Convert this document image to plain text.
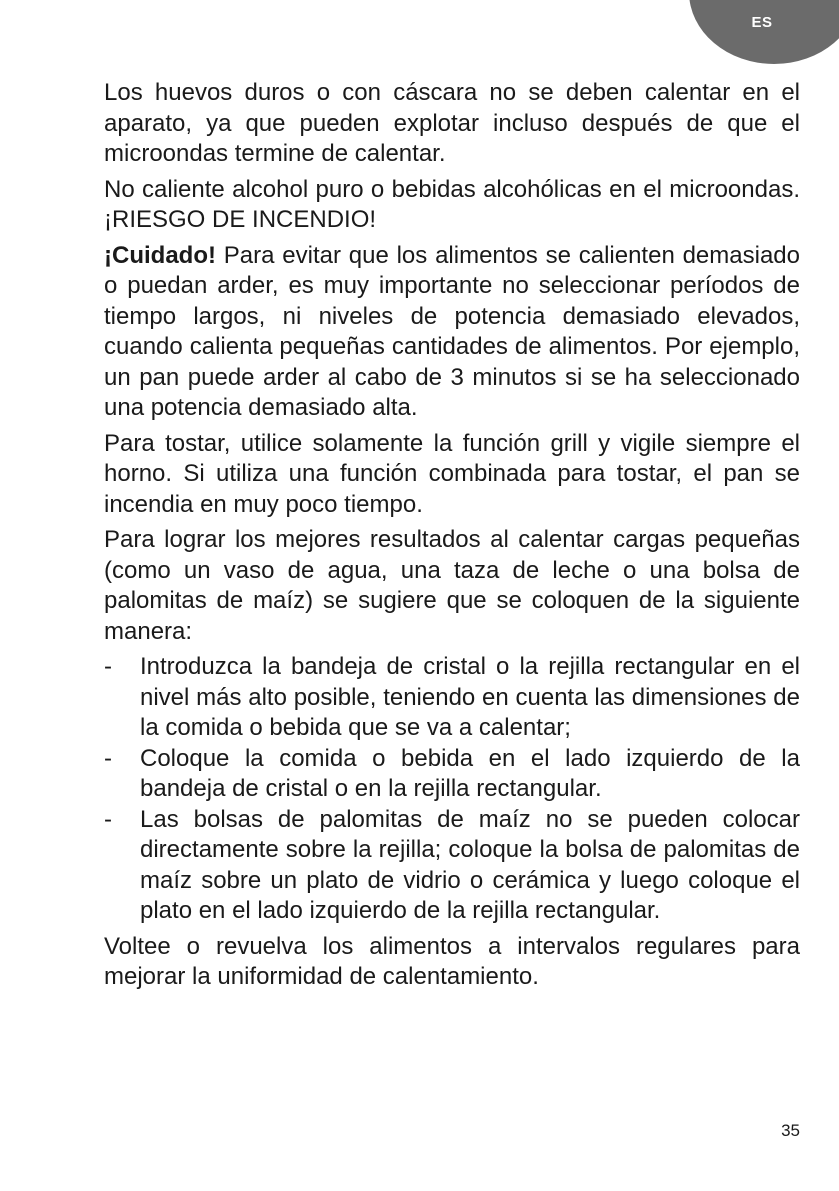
ES

Los huevos duros o con cáscara no se deben calentar en el aparato, ya que pueden explotar incluso después de que el microondas termine de calentar.

No caliente alcohol puro o bebidas alcohólicas en el microondas. ¡RIESGO DE INCENDIO!

¡Cuidado! Para evitar que los alimentos se calienten demasiado o puedan arder, es muy importante no seleccionar períodos de tiempo largos, ni niveles de potencia demasiado elevados, cuando calienta pequeñas cantidades de alimentos. Por ejemplo, un pan puede arder al cabo de 3 minutos si se ha seleccionado una potencia demasiado alta.

Para tostar, utilice solamente la función grill y vigile siempre el horno. Si utiliza una función combinada para tostar, el pan se incendia en muy poco tiempo.

Para lograr los mejores resultados al calentar cargas pequeñas (como un vaso de agua, una taza de leche o una bolsa de palomitas de maíz) se sugiere que se coloquen de la siguiente manera:

- Introduzca la bandeja de cristal o la rejilla rectangular en el nivel más alto posible, teniendo en cuenta las dimensiones de la comida o bebida que se va a calentar;
- Coloque la comida o bebida en el lado izquierdo de la bandeja de cristal o en la rejilla rectangular.
- Las bolsas de palomitas de maíz no se pueden colocar directamente sobre la rejilla; coloque la bolsa de palomitas de maíz sobre un plato de vidrio o cerámica y luego coloque el plato en el lado izquierdo de la rejilla rectangular.

Voltee o revuelva los alimentos a intervalos regulares para mejorar la uniformidad de calentamiento.

35
